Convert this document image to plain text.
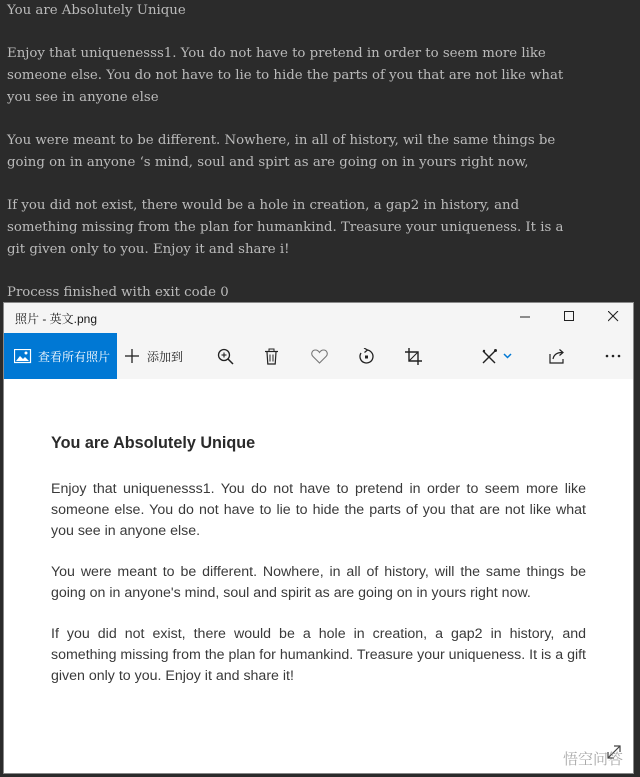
You are Absolutely Unique

Enjoy that uniquenesss1. You do not have to pretend in order to seem more like

someone else. You do not have to lie to hide the parts of you that are not like what

you see in anyone else

You were meant to be different. Nowhere, in all of history, wil the same things be

going on in anyone ‘s mind, soul and spirt as are going on in yours right now,

If you did not exist, there would be a hole in creation, a gap2 in history, and

something missing from the plan for humankind. Treasure your uniqueness. It is a

git given only to you. Enjoy it and share i!

Process finished with exit code 0

照片 - 英文.png
查看所有照片	添加到
You are Absolutely Unique

Enjoy that uniquenesss1. You do not have to pretend in order to seem more like someone else. You do not have to lie to hide the parts of you that are not like what you see in anyone else.

You were meant to be different. Nowhere, in all of history, will the same things be going on in anyone's mind, soul and spirit as are going on in yours right now.

If you did not exist, there would be a hole in creation, a gap2 in history, and something missing from the plan for humankind. Treasure your uniqueness. It is a gift given only to you. Enjoy it and share it!

悟空问答
